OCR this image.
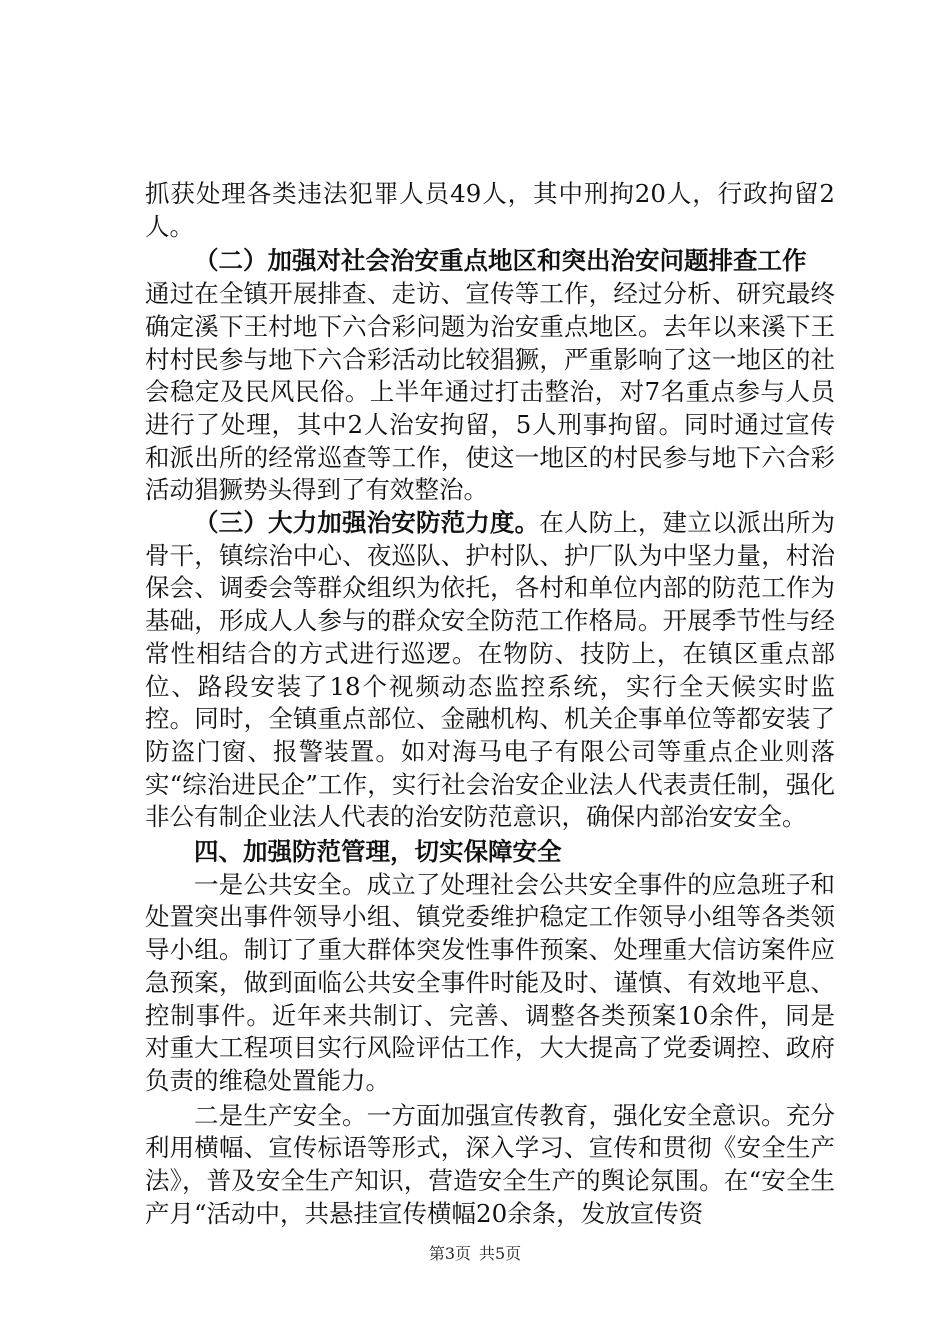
抓获处理各类违法犯罪人员49人，其中刑拘20人，行政拘留2人。

（二）加强对社会治安重点地区和突出治安问题排查工作

通过在全镇开展排查、走访、宣传等工作，经过分析、研究最终确定溪下王村地下六合彩问题为治安重点地区。去年以来溪下王村村民参与地下六合彩活动比较猖獗，严重影响了这一地区的社会稳定及民风民俗。上半年通过打击整治，对7名重点参与人员进行了处理，其中2人治安拘留，5人刑事拘留。同时通过宣传和派出所的经常巡查等工作，使这一地区的村民参与地下六合彩活动猖獗势头得到了有效整治。

（三）大力加强治安防范力度。在人防上，建立以派出所为骨干，镇综治中心、夜巡队、护村队、护厂队为中坚力量，村治保会、调委会等群众组织为依托，各村和单位内部的防范工作为基础，形成人人参与的群众安全防范工作格局。开展季节性与经常性相结合的方式进行巡逻。在物防、技防上，在镇区重点部位、路段安装了18个视频动态监控系统，实行全天候实时监控。同时，全镇重点部位、金融机构、机关企事单位等都安装了防盗门窗、报警装置。如对海马电子有限公司等重点企业则落实“综治进民企”工作，实行社会治安企业法人代表责任制，强化非公有制企业法人代表的治安防范意识，确保内部治安安全。

四、加强防范管理，切实保障安全

一是公共安全。成立了处理社会公共安全事件的应急班子和处置突出事件领导小组、镇党委维护稳定工作领导小组等各类领导小组。制订了重大群体突发性事件预案、处理重大信访案件应急预案，做到面临公共安全事件时能及时、谨慎、有效地平息、控制事件。近年来共制订、完善、调整各类预案10余件，同是对重大工程项目实行风险评估工作，大大提高了党委调控、政府负责的维稳处置能力。

二是生产安全。一方面加强宣传教育，强化安全意识。充分利用横幅、宣传标语等形式，深入学习、宣传和贯彻《安全生产法》，普及安全生产知识，营造安全生产的舆论氛围。在“安全生产月“活动中，共悬挂宣传横幅20余条，发放宣传资

第3页 共5页
